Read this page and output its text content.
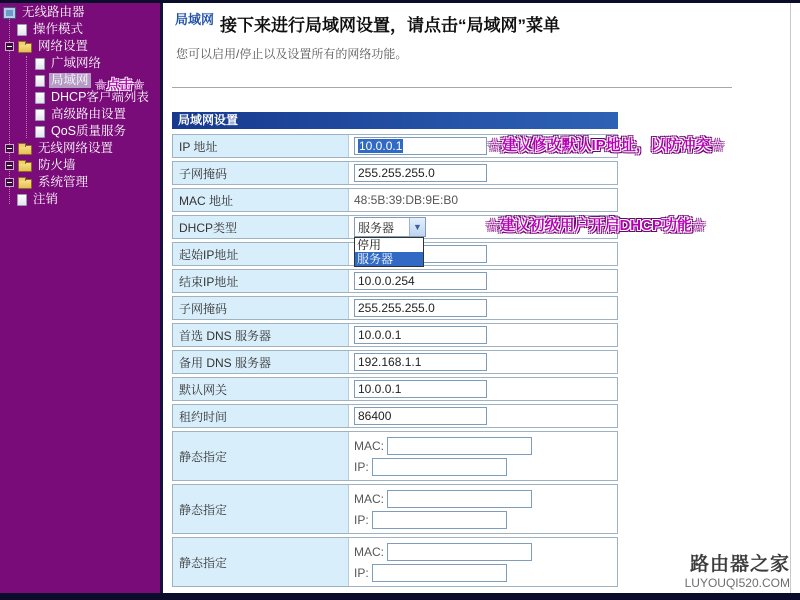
无线路由器
操作模式
网络设置
广域网络
局域网
DHCP客户端列表
高级路由设置
QoS质量服务
无线网络设置
防火墙
系统管理
注销
☆点击☆
☆建议修改默认IP地址，以防冲突☆
☆建议初级用户开启DHCP功能☆
局域网 接下来进行局域网设置，请点击“局域网”菜单
您可以启用/停止以及设置所有的网络功能。
局域网设置
IP 地址	10.0.0.1
子网掩码	255.255.255.0
MAC 地址	48:5B:39:DB:9E:B0
DHCP类型	服务器	▼
停用
服务器
起始IP地址
结束IP地址	10.0.0.254
子网掩码	255.255.255.0
首选 DNS 服务器	10.0.0.1
备用 DNS 服务器	192.168.1.1
默认网关	10.0.0.1
租约时间	86400
静态指定
MAC:
IP:
静态指定
MAC:
IP:
静态指定
MAC:
IP:	路由器之家
LUYOUQI520.COM
